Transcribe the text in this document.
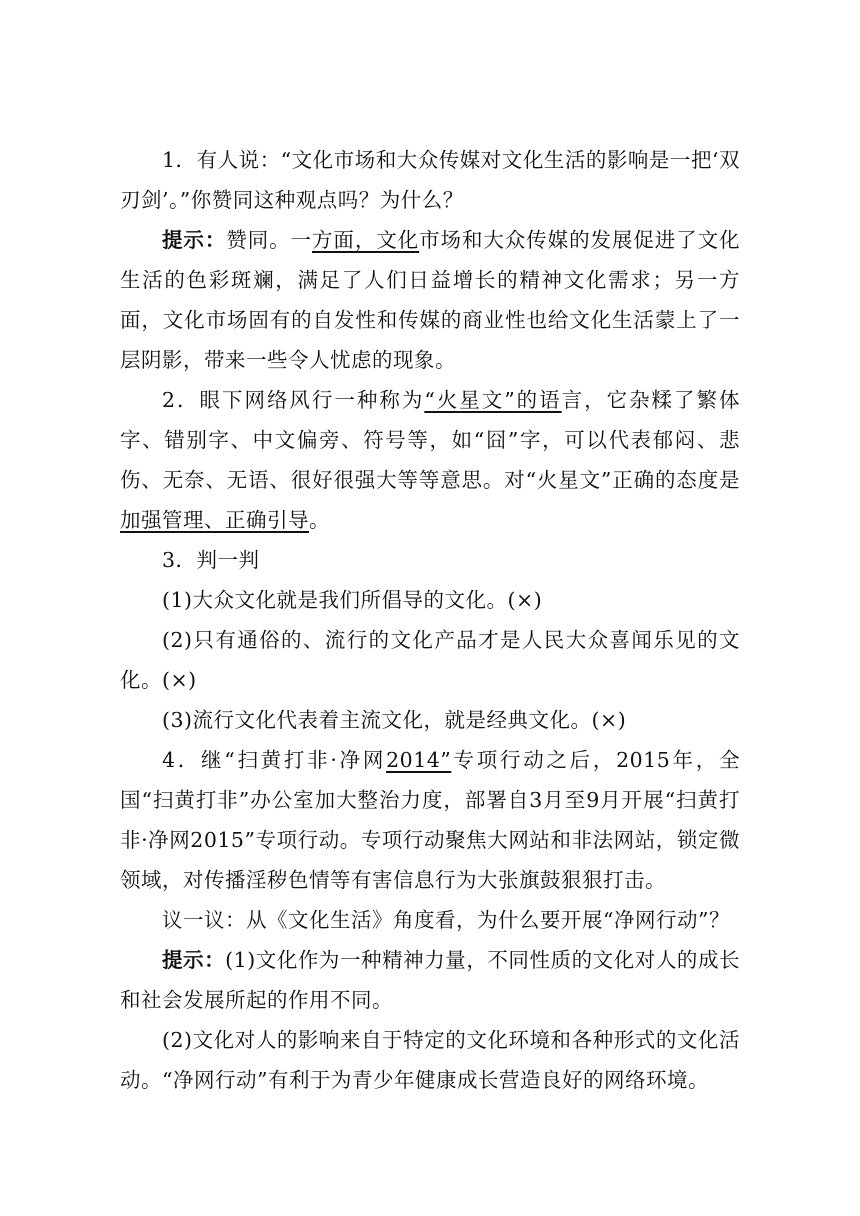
1．有人说：“文化市场和大众传媒对文化生活的影响是一把‘双刃剑’。”你赞同这种观点吗？为什么？

提示：赞同。一方面，文化市场和大众传媒的发展促进了文化生活的色彩斑斓，满足了人们日益增长的精神文化需求；另一方面，文化市场固有的自发性和传媒的商业性也给文化生活蒙上了一层阴影，带来一些令人忧虑的现象。

2．眼下网络风行一种称为“火星文”的语言，它杂糅了繁体字、错别字、中文偏旁、符号等，如“囧”字，可以代表郁闷、悲伤、无奈、无语、很好很强大等等意思。对“火星文”正确的态度是加强管理、正确引导。

3．判一判

(1)大众文化就是我们所倡导的文化。(×)

(2)只有通俗的、流行的文化产品才是人民大众喜闻乐见的文化。(×)

(3)流行文化代表着主流文化，就是经典文化。(×)

4．继“扫黄打非·净网2014”专项行动之后，2015年，全国“扫黄打非”办公室加大整治力度，部署自3月至9月开展“扫黄打非·净网2015”专项行动。专项行动聚焦大网站和非法网站，锁定微领域，对传播淫秽色情等有害信息行为大张旗鼓狠狠打击。

议一议：从《文化生活》角度看，为什么要开展“净网行动”？

提示：(1)文化作为一种精神力量，不同性质的文化对人的成长和社会发展所起的作用不同。

(2)文化对人的影响来自于特定的文化环境和各种形式的文化活动。“净网行动”有利于为青少年健康成长营造良好的网络环境。
